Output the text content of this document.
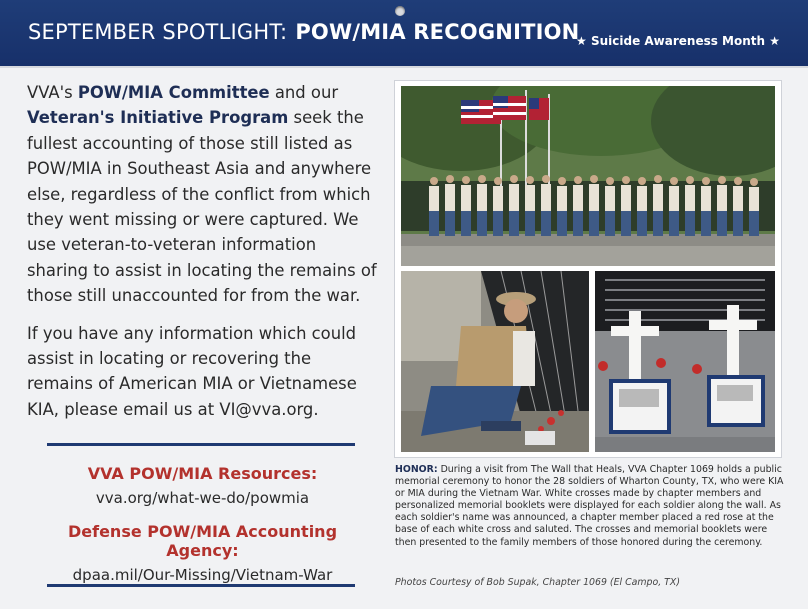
SEPTEMBER SPOTLIGHT: POW/MIA RECOGNITION
★ Suicide Awareness Month ★

VVA's POW/MIA Committee and our Veteran's Initiative Program seek the fullest accounting of those still listed as POW/MIA in Southeast Asia and anywhere else, regardless of the conflict from which they went missing or were captured. We use veteran-to-veteran information sharing to assist in locating the remains of those still unaccounted for from the war.

If you have any information which could assist in locating or recovering the remains of American MIA or Vietnamese KIA, please email us at VI@vva.org.

VVA POW/MIA Resources:
vva.org/what-we-do/powmia
Defense POW/MIA Accounting Agency:
dpaa.mil/Our-Missing/Vietnam-War
HONOR: During a visit from The Wall that Heals, VVA Chapter 1069 holds a public memorial ceremony to honor the 28 soldiers of Wharton County, TX, who were KIA or MIA during the Vietnam War. White crosses made by chapter members and personalized memorial booklets were displayed for each soldier along the wall. As each soldier's name was announced, a chapter member placed a red rose at the base of each white cross and saluted. The crosses and memorial booklets were then presented to the family members of those honored during the ceremony.
Photos Courtesy of Bob Supak, Chapter 1069 (El Campo, TX)
